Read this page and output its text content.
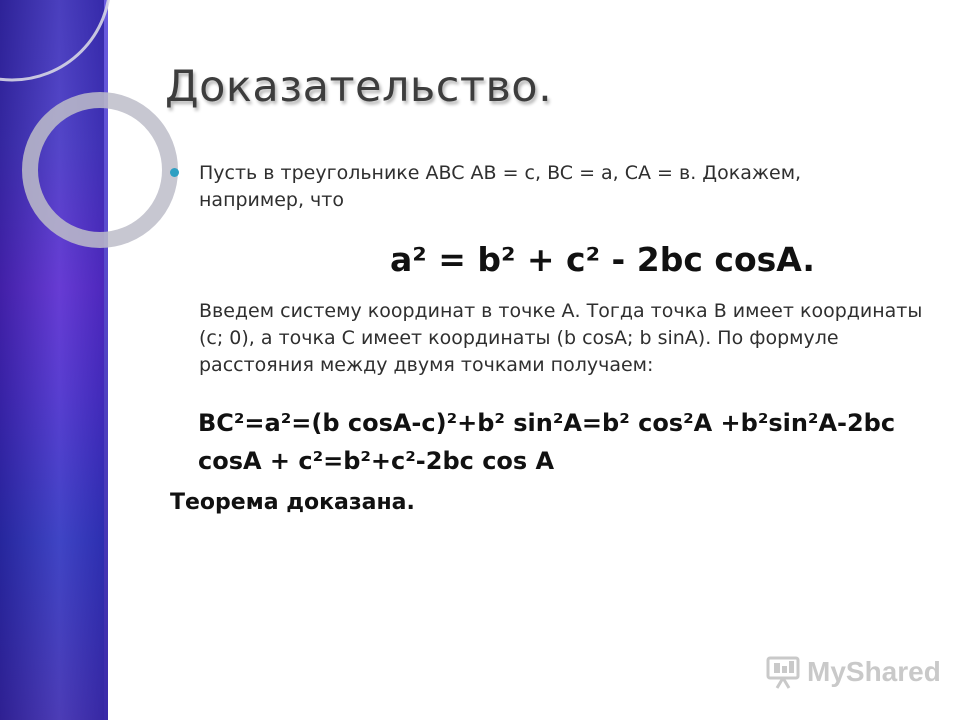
Доказательство.
Пусть в треугольнике ABC AB = c, BC = a, CA = в. Докажем, например, что
a² = b² + c² - 2bc cosA.
Введем систему координат в точке А. Тогда точка В имеет координаты (c; 0), а точка С имеет координаты (b cosA; b sinA). По формуле расстояния между двумя точками получаем:
BC²=a²=(b cosA-c)²+b² sin²A=b² cos²A +b²sin²A-2bc cosA + c²=b²+c²-2bc cos A
Теорема доказана.
MyShared
